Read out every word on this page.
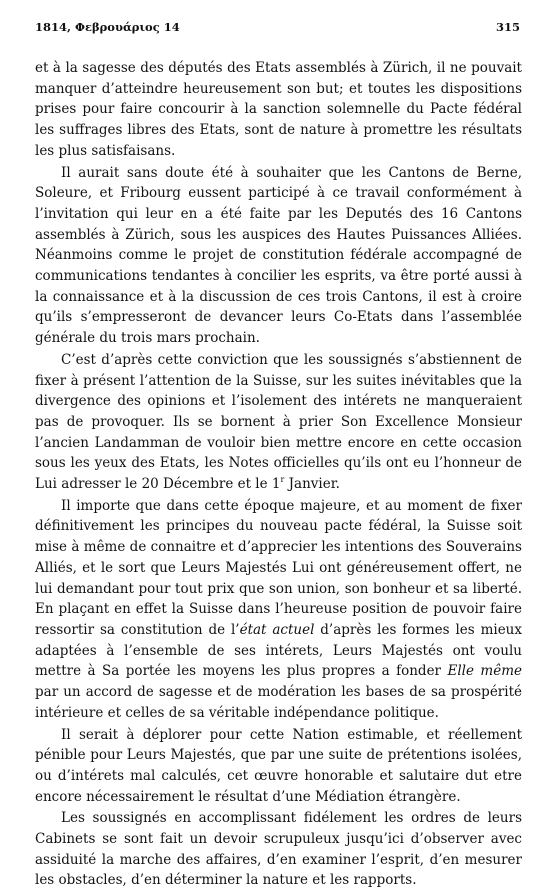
1814, Φεβρουάριος 14	315

et à la sagesse des députés des Etats assemblés à Zürich, il ne pouvait manquer d’atteindre heureusement son but; et toutes les dispositions prises pour faire concourir à la sanction solemnelle du Pacte fédéral les suffrages libres des Etats, sont de nature à promettre les résultats les plus satisfaisans.

Il aurait sans doute été à souhaiter que les Cantons de Berne, Soleure, et Fribourg eussent participé à ce travail conformément à l’invitation qui leur en a été faite par les Deputés des 16 Cantons assemblés à Zürich, sous les auspices des Hautes Puissances Alliées. Néanmoins comme le projet de constitution fédérale accompagné de communications tendantes à concilier les esprits, va être porté aussi à la connaissance et à la discussion de ces trois Cantons, il est à croire qu’ils s’empresseront de devancer leurs Co-Etats dans l’assemblée générale du trois mars prochain.

C’est d’après cette conviction que les soussignés s’abstiennent de fixer à présent l’attention de la Suisse, sur les suites inévitables que la divergence des opinions et l’isolement des intérets ne manqueraient pas de provoquer. Ils se bornent à prier Son Excellence Monsieur l’ancien Landamman de vouloir bien mettre encore en cette occasion sous les yeux des Etats, les Notes officielles qu’ils ont eu l’honneur de Lui adresser le 20 Décembre et le 1$^r$ Janvier.

Il importe que dans cette époque majeure, et au moment de fixer définitivement les principes du nouveau pacte fédéral, la Suisse soit mise à même de connaitre et d’apprecier les intentions des Souverains Alliés, et le sort que Leurs Majestés Lui ont généreusement offert, ne lui demandant pour tout prix que son union, son bonheur et sa liberté. En plaçant en effet la Suisse dans l’heureuse position de pouvoir faire ressortir sa constitution de l’état actuel d’après les formes les mieux adaptées à l’ensemble de ses intérets, Leurs Majestés ont voulu mettre à Sa portée les moyens les plus propres a fonder Elle même par un accord de sagesse et de modération les bases de sa prospérité intérieure et celles de sa véritable indépendance politique.

Il serait à déplorer pour cette Nation estimable, et réellement pénible pour Leurs Majestés, que par une suite de prétentions isolées, ou d’intérets mal calculés, cet œuvre honorable et salutaire dut etre encore nécessairement le résultat d’une Médiation étrangère.

Les soussignés en accomplissant fidélement les ordres de leurs Cabinets se sont fait un devoir scrupuleux jusqu’ici d’observer avec assiduité la marche des affaires, d’en examiner l’esprit, d’en mesurer les obstacles, d’en déterminer la nature et les rapports.
